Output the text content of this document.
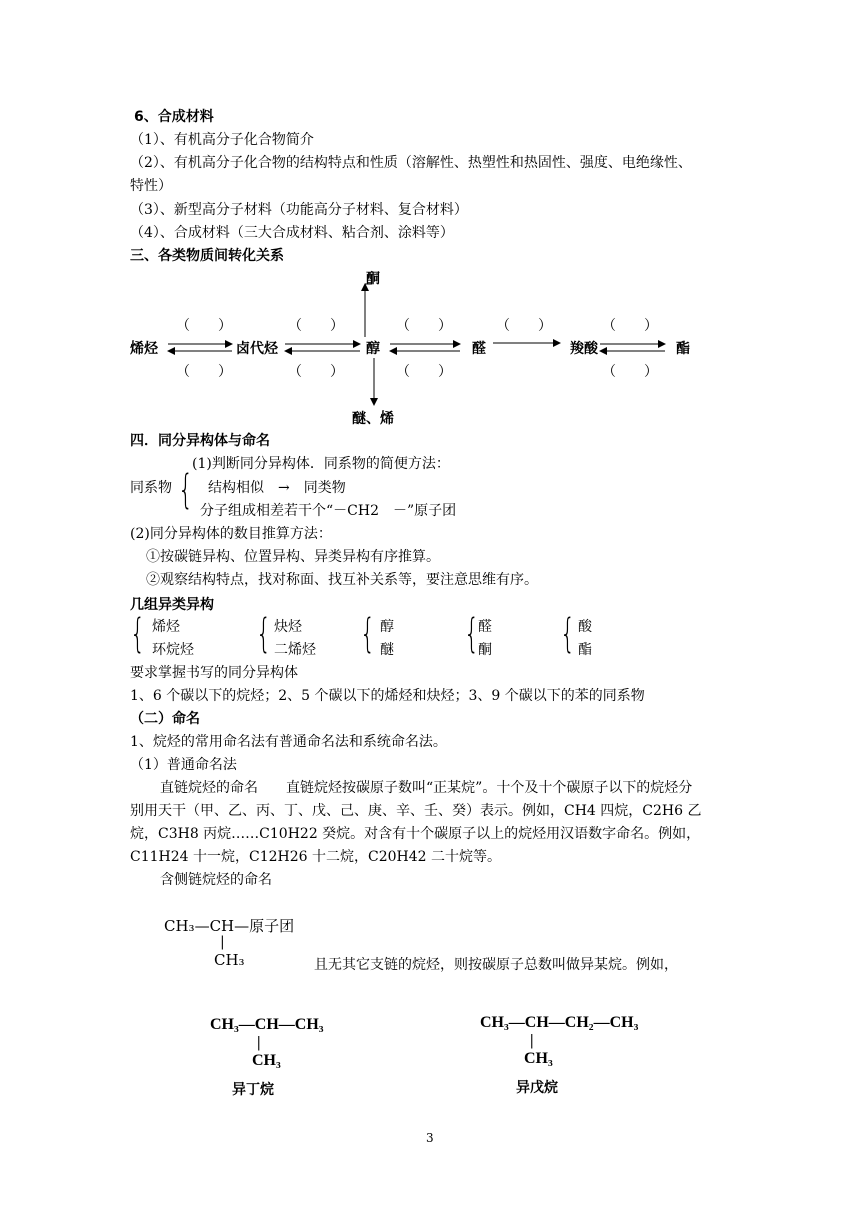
6、合成材料
（1）、有机高分子化合物简介
（2）、有机高分子化合物的结构特点和性质（溶解性、热塑性和热固性、强度、电绝缘性、
特性）
（3）、新型高分子材料（功能高分子材料、复合材料）
（4）、合成材料（三大合成材料、粘合剂、涂料等）
三、各类物质间转化关系
酮
烯烃	卤代烃	醇	醛	羧酸	酯
醚、烯
（　　）	（　　）	（　　）	（　　）	（　　）
（　　）	（　　）	（　　）	（　　）
四．同分异构体与命名
(1)判断同分异构体．同系物的简便方法：
同系物 { 结构相似　→　同类物
分子组成相差若干个“－CH2　－”原子团
(2)同分异构体的数目推算方法：
①按碳链异构、位置异构、异类异构有序推算。
②观察结构特点，找对称面、找互补关系等，要注意思维有序。
几组异类异构
{ 烯烃
环烷烃 { 炔烃
二烯烃 { 醇
醚 {
醛
酮 { 酸
酯
要求掌握书写的同分异构体
1、6 个碳以下的烷烃；2、5 个碳以下的烯烃和炔烃；3、9 个碳以下的苯的同系物
（二）命名
1、烷烃的常用命名法有普通命名法和系统命名法。
（1）普通命名法
直链烷烃的命名　　直链烷烃按碳原子数叫“正某烷”。十个及十个碳原子以下的烷烃分
别用天干（甲、乙、丙、丁、戊、己、庚、辛、壬、癸）表示。例如，CH4 四烷，C2H6 乙
烷，C3H8 丙烷……C10H22 癸烷。对含有十个碳原子以上的烷烃用汉语数字命名。例如，
C11H24 十一烷，C12H26 十二烷，C20H42 二十烷等。
含侧链烷烃的命名
CH₃—CH—原子团
|
CH₃	且无其它支链的烷烃，则按碳原子总数叫做异某烷。例如，
CH₃—CH—CH₃
|
CH₃
异丁烷
CH₃—CH—CH₂—CH₃
|
CH₃
异戊烷
3
